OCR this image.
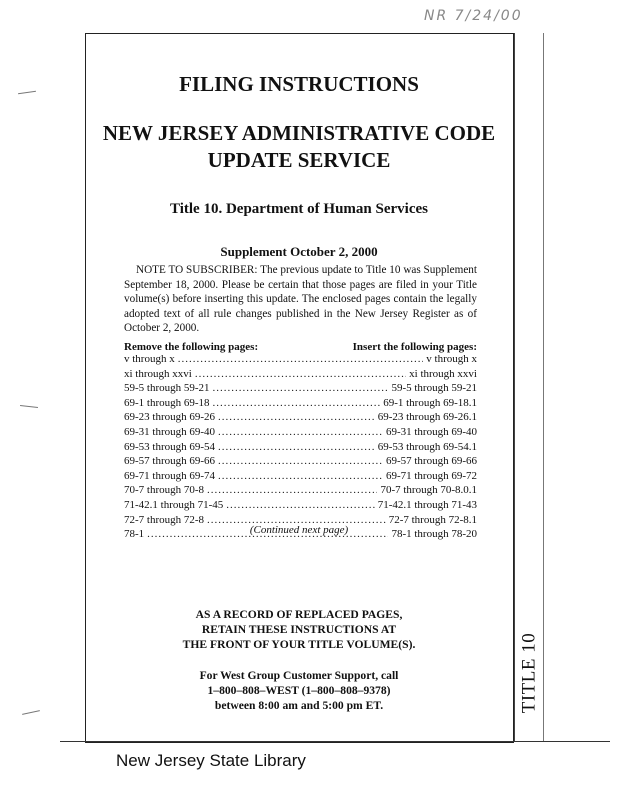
NR 7/24/00
TITLE 10
FILING INSTRUCTIONS
NEW JERSEY ADMINISTRATIVE CODE
UPDATE SERVICE
Title 10. Department of Human Services
Supplement October 2, 2000
NOTE TO SUBSCRIBER: The previous update to Title 10 was Supplement September 18, 2000. Please be certain that those pages are filed in your Title volume(s) before inserting this update. The enclosed pages contain the legally adopted text of all rule changes published in the New Jersey Register as of October 2, 2000.
Remove the following pages:	Insert the following pages:
v through x .....	v through x
xi through xxvi .....	xi through xxvi
59-5 through 59-21 .....	59-5 through 59-21
69-1 through 69-18 .....	69-1 through 69-18.1
69-23 through 69-26 .....	69-23 through 69-26.1
69-31 through 69-40 .....	69-31 through 69-40
69-53 through 69-54 .....	69-53 through 69-54.1
69-57 through 69-66 .....	69-57 through 69-66
69-71 through 69-74 .....	69-71 through 69-72
70-7 through 70-8 .....	70-7 through 70-8.0.1
71-42.1 through 71-45 .....	71-42.1 through 71-43
72-7 through 72-8 .....	72-7 through 72-8.1
78-1 .....	78-1 through 78-20
(Continued next page)
AS A RECORD OF REPLACED PAGES,
RETAIN THESE INSTRUCTIONS AT
THE FRONT OF YOUR TITLE VOLUME(S).
For West Group Customer Support, call
1–800–808–WEST (1–800–808–9378)
between 8:00 am and 5:00 pm ET.
New Jersey State Library
